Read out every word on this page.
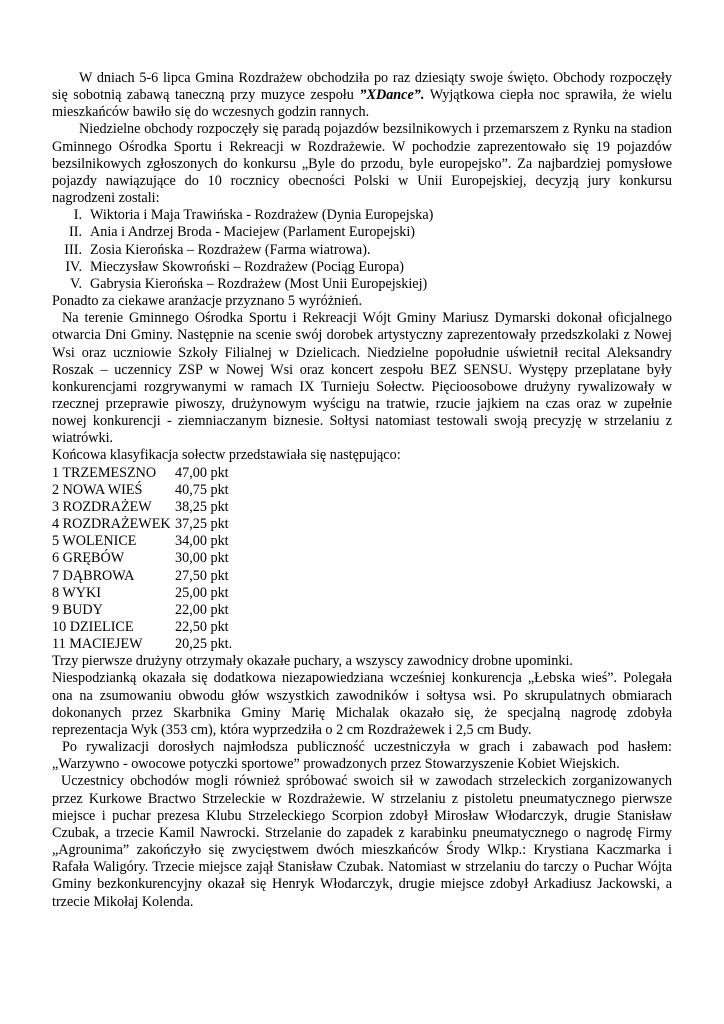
W dniach 5-6 lipca Gmina Rozdrażew obchodziła po raz dziesiąty swoje święto. Obchody rozpoczęły się sobotnią zabawą taneczną przy muzyce zespołu ”XDance”. Wyjątkowa ciepła noc sprawiła, że wielu mieszkańców bawiło się do wczesnych godzin rannych.

Niedzielne obchody rozpoczęły się paradą pojazdów bezsilnikowych i przemarszem z Rynku na stadion Gminnego Ośrodka Sportu i Rekreacji w Rozdrażewie. W pochodzie zaprezentowało się 19 pojazdów bezsilnikowych zgłoszonych do konkursu „Byle do przodu, byle europejsko”. Za najbardziej pomysłowe pojazdy nawiązujące do 10 rocznicy obecności Polski w Unii Europejskiej, decyzją jury konkursu nagrodzeni zostali:

I. Wiktoria i Maja Trawińska - Rozdrażew (Dynia Europejska)

II. Ania i Andrzej Broda - Maciejew (Parlament Europejski)

III. Zosia Kierońska – Rozdrażew (Farma wiatrowa).

IV. Mieczysław Skowroński – Rozdrażew (Pociąg Europa)

V. Gabrysia Kierońska – Rozdrażew (Most Unii Europejskiej)

Ponadto za ciekawe aranżacje przyznano 5 wyróżnień.

Na terenie Gminnego Ośrodka Sportu i Rekreacji Wójt Gminy Mariusz Dymarski dokonał oficjalnego otwarcia Dni Gminy. Następnie na scenie swój dorobek artystyczny zaprezentowały przedszkolaki z Nowej Wsi oraz uczniowie Szkoły Filialnej w Dzielicach. Niedzielne popołudnie uświetnił recital Aleksandry Roszak – uczennicy ZSP w Nowej Wsi oraz koncert zespołu BEZ SENSU. Występy przeplatane były konkurencjami rozgrywanymi w ramach IX Turnieju Sołectw. Pięcioosobowe drużyny rywalizowały w rzecznej przeprawie piwoszy, drużynowym wyścigu na tratwie, rzucie jajkiem na czas oraz w zupełnie nowej konkurencji - ziemniaczanym biznesie. Sołtysi natomiast testowali swoją precyzję w strzelaniu z wiatrówki.

Końcowa klasyfikacja sołectw przedstawiała się następująco:

1 TRZEMESZNO	47,00 pkt
2 NOWA WIEŚ	40,75 pkt
3 ROZDRAŻEW	38,25 pkt
4 ROZDRAŻEWEK	37,25 pkt
5 WOLENICE	34,00 pkt
6 GRĘBÓW	30,00 pkt
7 DĄBROWA	27,50 pkt
8 WYKI	25,00 pkt
9 BUDY	22,00 pkt
10 DZIELICE	22,50 pkt
11 MACIEJEW	20,25 pkt.

Trzy pierwsze drużyny otrzymały okazałe puchary, a wszyscy zawodnicy drobne upominki.

Niespodzianką okazała się dodatkowa niezapowiedziana wcześniej konkurencja „Łebska wieś”. Polegała ona na zsumowaniu obwodu głów wszystkich zawodników i sołtysa wsi. Po skrupulatnych obmiarach dokonanych przez Skarbnika Gminy Marię Michalak okazało się, że specjalną nagrodę zdobyła reprezentacja Wyk (353 cm), która wyprzedziła o 2 cm Rozdrażewek i 2,5 cm Budy.

Po rywalizacji dorosłych najmłodsza publiczność uczestniczyła w grach i zabawach pod hasłem: „Warzywno - owocowe potyczki sportowe” prowadzonych przez Stowarzyszenie Kobiet Wiejskich.

Uczestnicy obchodów mogli również spróbować swoich sił w zawodach strzeleckich zorganizowanych przez Kurkowe Bractwo Strzeleckie w Rozdrażewie. W strzelaniu z pistoletu pneumatycznego pierwsze miejsce i puchar prezesa Klubu Strzeleckiego Scorpion zdobył Mirosław Włodarczyk, drugie Stanisław Czubak, a trzecie Kamil Nawrocki. Strzelanie do zapadek z karabinku pneumatycznego o nagrodę Firmy „Agrounima” zakończyło się zwycięstwem dwóch mieszkańców Środy Wlkp.: Krystiana Kaczmarka i Rafała Waligóry. Trzecie miejsce zajął Stanisław Czubak. Natomiast w strzelaniu do tarczy o Puchar Wójta Gminy bezkonkurencyjny okazał się Henryk Włodarczyk, drugie miejsce zdobył Arkadiusz Jackowski, a trzecie Mikołaj Kolenda.
